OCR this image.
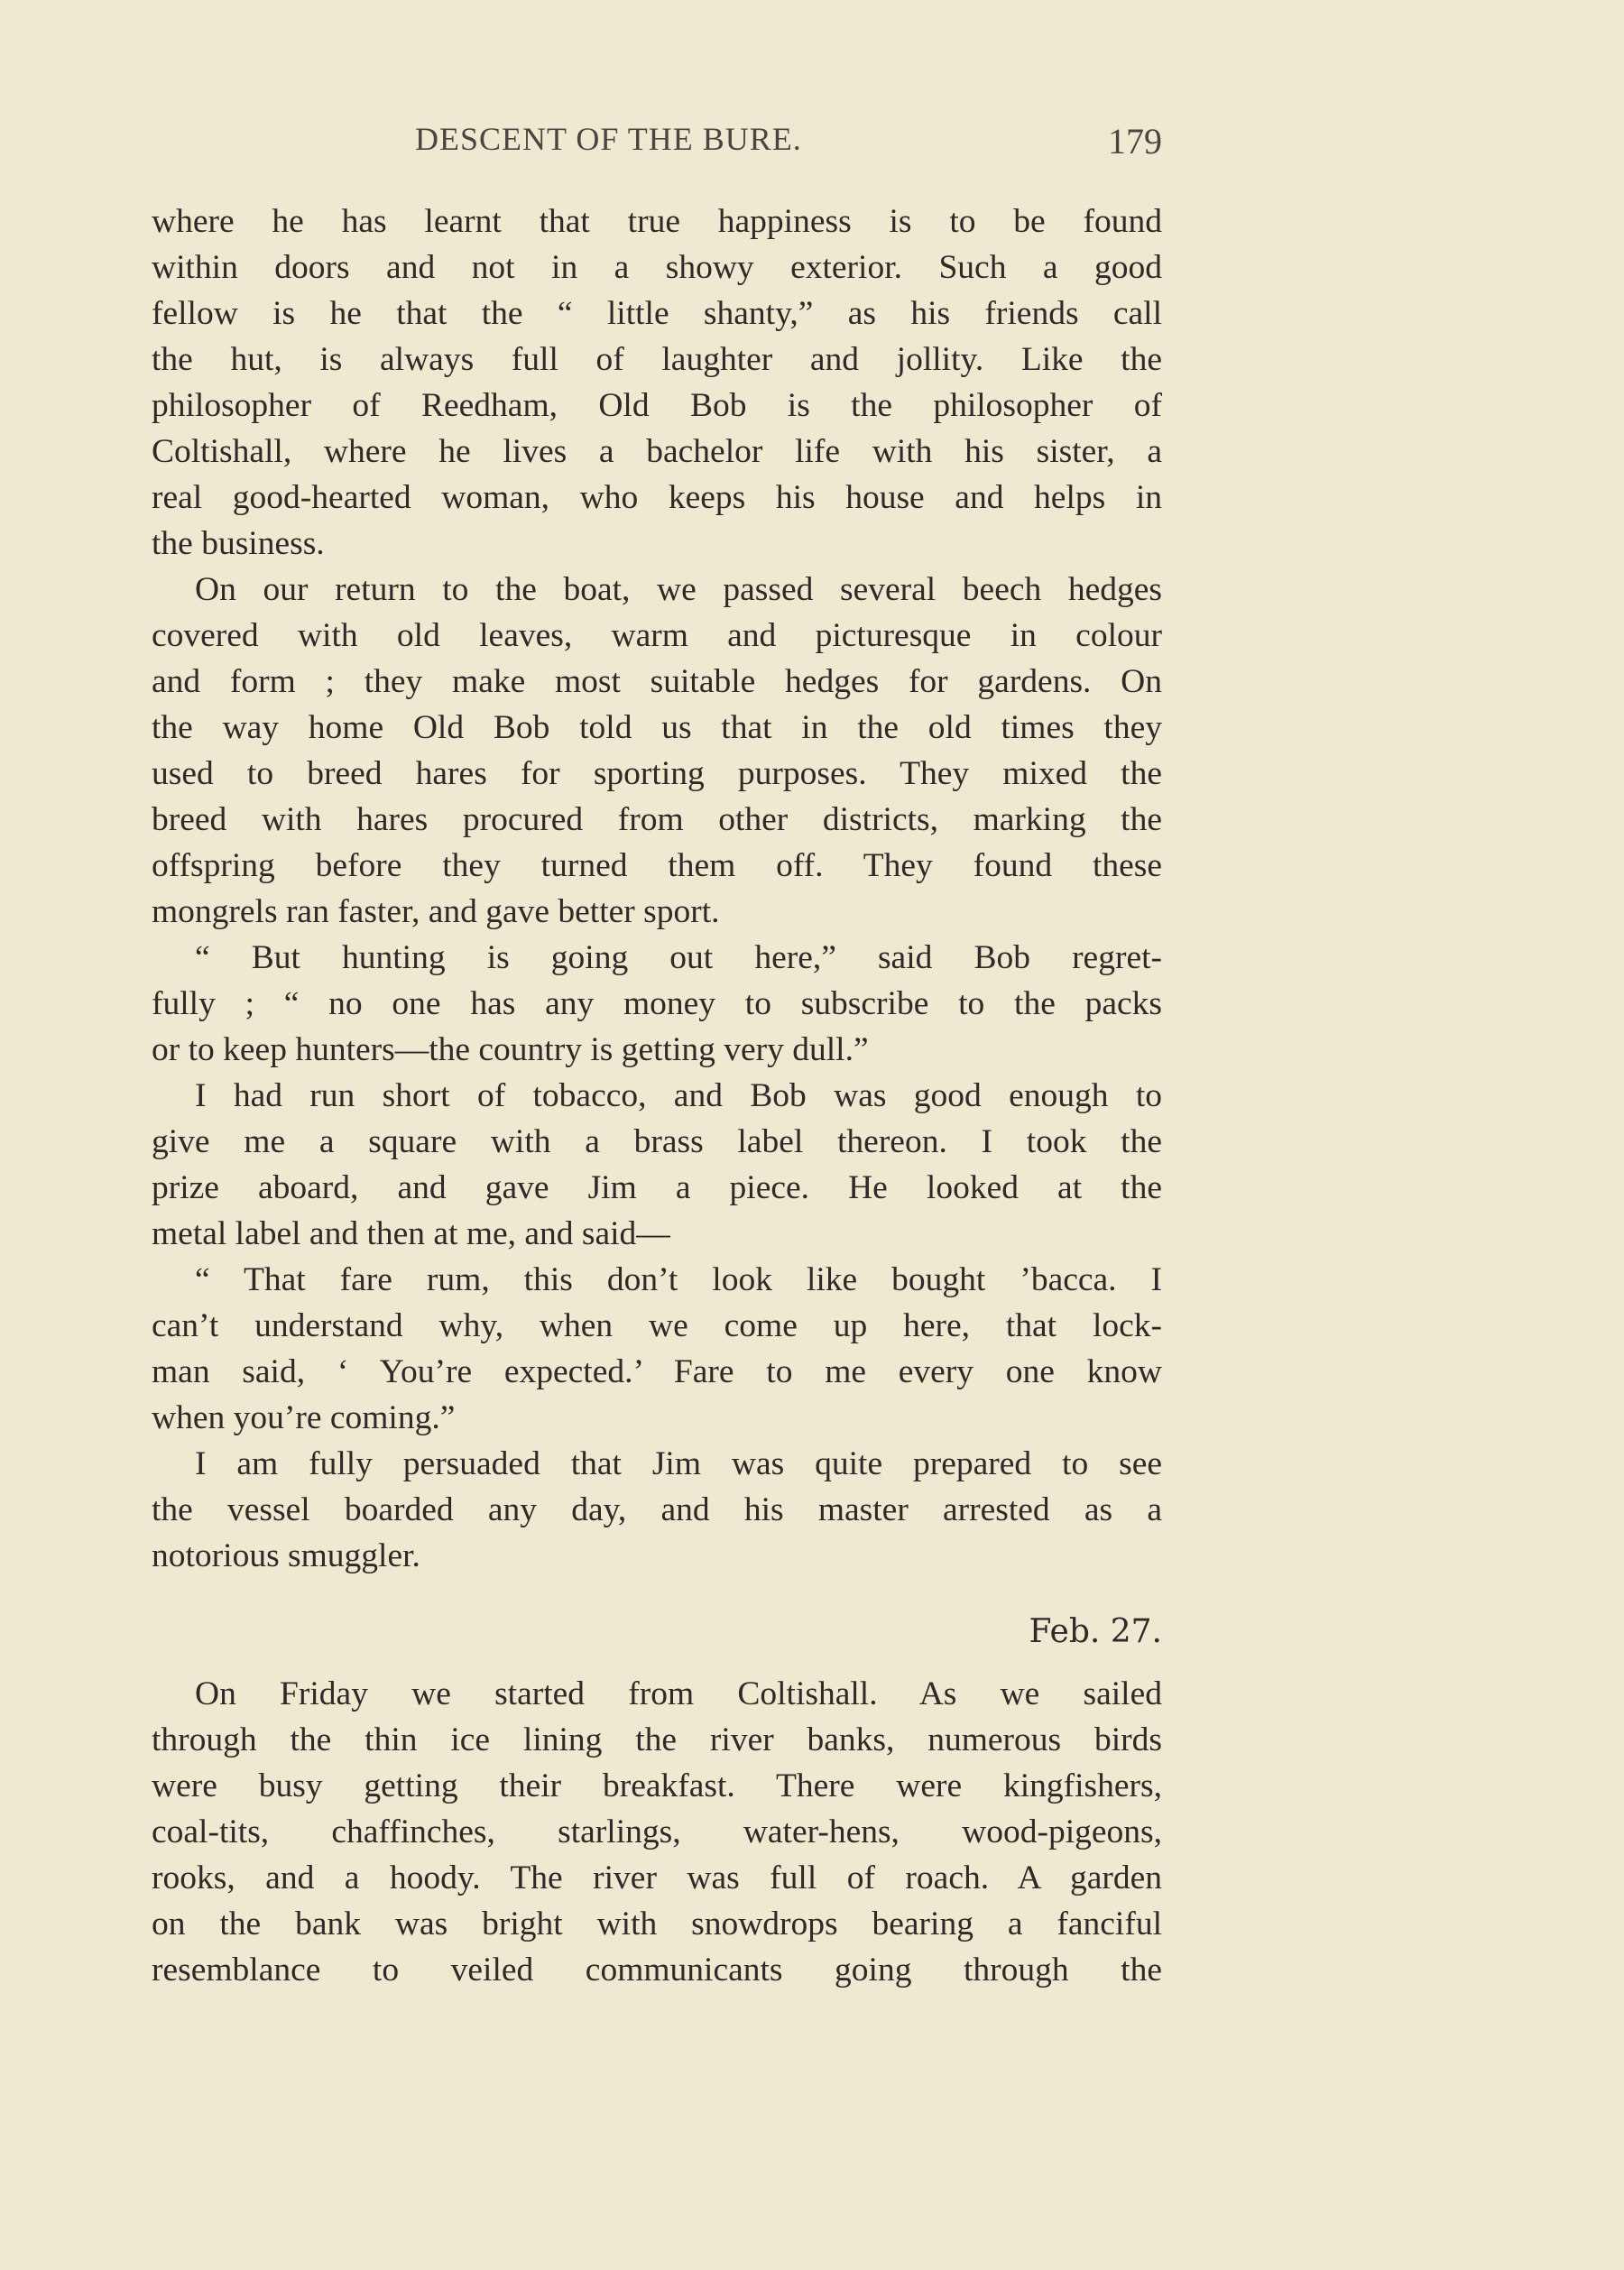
DESCENT OF THE BURE.	179
where he has learnt that true happiness is to be found
within doors and not in a showy exterior. Such a good
fellow is he that the “ little shanty,” as his friends call
the hut, is always full of laughter and jollity. Like the
philosopher of Reedham, Old Bob is the philosopher of
Coltishall, where he lives a bachelor life with his sister, a
real good-hearted woman, who keeps his house and helps in
the business.
On our return to the boat, we passed several beech hedges
covered with old leaves, warm and picturesque in colour
and form ; they make most suitable hedges for gardens. On
the way home Old Bob told us that in the old times they
used to breed hares for sporting purposes. They mixed the
breed with hares procured from other districts, marking the
offspring before they turned them off. They found these
mongrels ran faster, and gave better sport.
“ But hunting is going out here,” said Bob regret-
fully ; “ no one has any money to subscribe to the packs
or to keep hunters—the country is getting very dull.”
I had run short of tobacco, and Bob was good enough to
give me a square with a brass label thereon. I took the
prize aboard, and gave Jim a piece. He looked at the
metal label and then at me, and said—
“ That fare rum, this don’t look like bought ’bacca. I
can’t understand why, when we come up here, that lock-
man said, ‘ You’re expected.’ Fare to me every one know
when you’re coming.”
I am fully persuaded that Jim was quite prepared to see
the vessel boarded any day, and his master arrested as a
notorious smuggler.
Feb. 27.
On Friday we started from Coltishall. As we sailed
through the thin ice lining the river banks, numerous birds
were busy getting their breakfast. There were kingfishers,
coal-tits, chaffinches, starlings, water-hens, wood-pigeons,
rooks, and a hoody. The river was full of roach. A garden
on the bank was bright with snowdrops bearing a fanciful
resemblance to veiled communicants going through the
